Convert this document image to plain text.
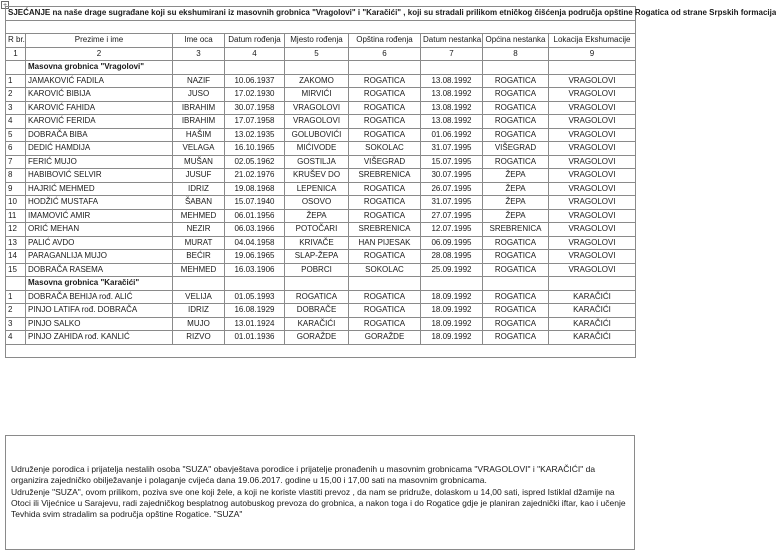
+
SJEĆANJE na naše drage sugrađane koji su ekshumirani iz masovnih grobnica "Vragolovi" i "Karačići" , koji su stradali prilikom etničkog čišćenja područja opštine Rogatica od strane Srpskih formacija								

R br.	Prezime i ime	Ime oca	Datum rođenja	Mjesto rođenja	Opština rođenja	Datum nestanka	Općina nestanka	Lokacija Ekshumacije
1	2	3	4	5	6	7	8	9
	Masovna grobnica "Vragolovi"							
1	JAMAKOVIĆ FADILA	NAZIF	10.06.1937	ZAKOMO	ROGATICA	13.08.1992	ROGATICA	VRAGOLOVI
2	KAROVIĆ BIBIJA	JUSO	17.02.1930	MIRVIĆI	ROGATICA	13.08.1992	ROGATICA	VRAGOLOVI
3	KAROVIĆ FAHIDA	IBRAHIM	30.07.1958	VRAGOLOVI	ROGATICA	13.08.1992	ROGATICA	VRAGOLOVI
4	KAROVIĆ FERIDA	IBRAHIM	17.07.1958	VRAGOLOVI	ROGATICA	13.08.1992	ROGATICA	VRAGOLOVI
5	DOBRAČA BIBA	HAŠIM	13.02.1935	GOLUBOVIĆI	ROGATICA	01.06.1992	ROGATICA	VRAGOLOVI
6	DEDIĆ HAMDIJA	VELAGA	16.10.1965	MIĆIVODE	SOKOLAC	31.07.1995	VIŠEGRAD	VRAGOLOVI
7	FERIĆ MUJO	MUŠAN	02.05.1962	GOSTILJA	VIŠEGRAD	15.07.1995	ROGATICA	VRAGOLOVI
8	HABIBOVIĆ SELVIR	JUSUF	21.02.1976	KRUŠEV DO	SREBRENICA	30.07.1995	ŽEPA	VRAGOLOVI
9	HAJRIĆ MEHMED	IDRIZ	19.08.1968	LEPENICA	ROGATICA	26.07.1995	ŽEPA	VRAGOLOVI
10	HODŽIĆ MUSTAFA	ŠABAN	15.07.1940	OSOVO	ROGATICA	31.07.1995	ŽEPA	VRAGOLOVI
11	IMAMOVIĆ AMIR	MEHMED	06.01.1956	ŽEPA	ROGATICA	27.07.1995	ŽEPA	VRAGOLOVI
12	ORIĆ MEHAN	NEZIR	06.03.1966	POTOČARI	SREBRENICA	12.07.1995	SREBRENICA	VRAGOLOVI
13	PALIĆ AVDO	MURAT	04.04.1958	KRIVAČE	HAN PIJESAK	06.09.1995	ROGATICA	VRAGOLOVI
14	PARAGANLIJA MUJO	BEĆIR	19.06.1965	SLAP-ŽEPA	ROGATICA	28.08.1995	ROGATICA	VRAGOLOVI
15	DOBRAČA RASEMA	MEHMED	16.03.1906	POBRCI	SOKOLAC	25.09.1992	ROGATICA	VRAGOLOVI
	Masovna grobnica "Karačići"							
1	DOBRAČA BEHIJA rođ. ALIĆ	VELIJA	01.05.1993	ROGATICA	ROGATICA	18.09.1992	ROGATICA	KARAČIĆI
2	PINJO LATIFA rođ. DOBRAČA	IDRIZ	16.08.1929	DOBRAČE	ROGATICA	18.09.1992	ROGATICA	KARAČIĆI
3	PINJO SALKO	MUJO	13.01.1924	KARAČIĆI	ROGATICA	18.09.1992	ROGATICA	KARAČIĆI
4	PINJO ZAHIDA rođ. KANLIĆ	RIZVO	01.01.1936	GORAŽDE	GORAŽDE	18.09.1992	ROGATICA	KARAČIĆI

Udruženje porodica i prijatelja nestalih osoba "SUZA" obavještava porodice i prijatelje pronađenih u masovnim grobnicama "VRAGOLOVI" i "KARAČIĆI" da organizira zajedničko obilježavanje i polaganje cvijeća dana 19.06.2017. godine u 15,00 i 17,00 sati na masovnim grobnicama.

Udruženje "SUZA", ovom prilikom, poziva sve one koji žele, a koji ne koriste vlastiti prevoz , da nam se pridruže, dolaskom u 14,00 sati, ispred Istiklal džamije na Otoci ili Vijećnice u Sarajevu, radi zajedničkog besplatnog autobuskog prevoza do grobnica, a nakon toga i do Rogatice gdje je planiran zajednički iftar, kao i učenje Tevhida svim stradalim sa područja opštine Rogatice. "SUZA"
